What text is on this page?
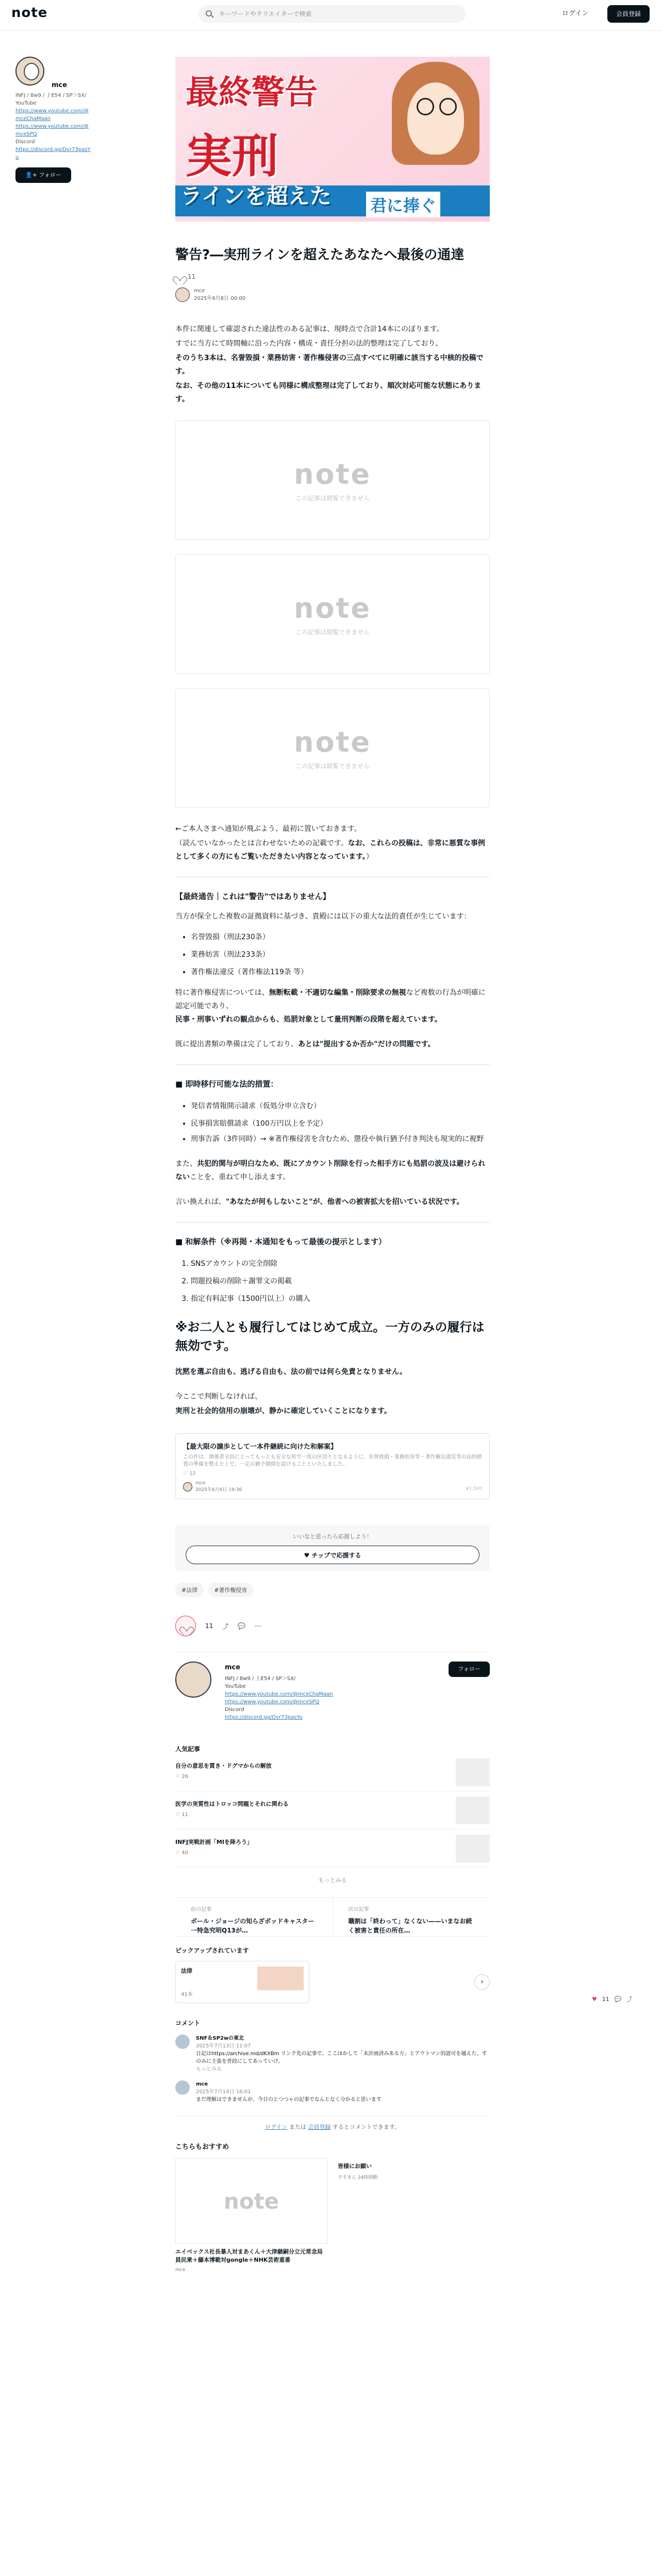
note	キーワードやクリエイターで検索	ログイン	会員登録
mce
INFJ ∕ 8w9 ∕ 上E54 ∕ SP＞SX∕
YouTube
https://www.youtube.com/@mceChaMaan
https://www.youtube.com/@mceSPQ
Discord
https://discord.gg/Dvr73pasYu
👤+ フォロー
最終警告
実刑
ラインを超えた 君に捧ぐ
警告?―実刑ラインを超えたあなたへ最後の通達
11
mce
2025年6月8日 00:00

本件に関連して確認された違法性のある記事は、現時点で合計14本にのぼります。

すでに当方にて時間軸に沿った内容・構成・責任分担の法的整理は完了しており、

そのうち3本は、名誉毀損・業務妨害・著作権侵害の三点すべてに明確に該当する中核的投稿です。

なお、その他の11本についても同様に構成整理は完了しており、順次対応可能な状態にあります。

note
この記事は閲覧できません
note
この記事は閲覧できません
note
この記事は閲覧できません

←ご本人さまへ通知が飛ぶよう、最初に置いておきます。

（読んでいなかったとは言わせないための記載です。なお、これらの投稿は、非常に悪質な事例として多くの方にもご覧いただきたい内容となっています。）

【最終通告｜これは"警告"ではありません】

当方が保全した複数の証拠資料に基づき、貴殿には以下の重大な法的責任が生じています：

• 名誉毀損（刑法230条）
• 業務妨害（刑法233条）
• 著作権法違反（著作権法119条 等）

特に著作権侵害については、無断転載・不適切な編集・削除要求の無視など複数の行為が明確に認定可能であり、
民事・刑事いずれの観点からも、処罰対象として量刑判断の段階を超えています。

既に提出書類の準備は完了しており、あとは"提出するか否か"だけの問題です。

■ 即時移行可能な法的措置：
• 発信者情報開示請求（仮処分申立含む）
• 民事損害賠償請求（100万円以上を予定）
• 刑事告訴（3件同時）→ ※著作権侵害を含むため、懲役や執行猶予付き判決も現実的に視野

また、共犯的関与が明白なため、既にアカウント削除を行った相手方にも処罰の波及は避けられないことを、重ねて申し添えます。

言い換えれば、"あなたが何もしないこと"が、他者への被害拡大を招いている状況です。

■ 和解条件（※再掲・本通知をもって最後の提示とします）
1. SNSアカウントの完全削除
2. 問題投稿の削除＋謝罪文の掲載
3. 指定有料記事（1500円以上）の購入
※お二人とも履行してはじめて成立。一方のみの履行は無効です。

沈黙を選ぶ自由も、逃げる自由も、法の前では何ら免責となりません。

今ここで判断しなければ、

実刑と社会的信用の崩壊が、静かに確定していくことになります。

【最大限の譲歩として一本件継続に向けた和解案】
この件は、関係者全員にとってもっとも安全な形で一度の区切りとなるように、名誉毀損・業務妨害等・著作権法違反等の法的措置の準備を整えた上で、一定の猶予期間を設けることといたしました。
♡ 12
mce
2025年6月6日 19:36	¥1,500
いいなと思ったら応援しよう！
♥ チップで応援する
#法律	#著作権侵害
11 ⤴ 💬 ⋯
mce
INFJ ∕ 8w9 ∕ 上E54 ∕ SP＞SX∕
YouTube
https://www.youtube.com/@mceChaMaan
https://www.youtube.com/@mceSPQ
Discord
https://discord.gg/Dvr73pasYu
フォロー
人気記事
自分の意思を貫き・ドグマからの解放
♡ 26
医学の実質性はトロッコ問題とそれに関わる
♡ 11
INFJ実戦計画「MIを降ろう」
♡ 40
もっとみる
前の記事
ボール・ジョージの知らざポッドキャスター一特急究明Q13が…
次の記事
職割は「終わって」なくない——いまなお続く被害と責任の所在…
ピックアップされています
法律
41本
›
コメント
SNF＆SP2wの東北
2025年7月13日 11:07
日記はhttps://archive.md/dKXBm リンク先の記事で、ここほかして「未計画済みある方」とアウトマン的認可を越えた。すのみに主張を普段にしてあっていけ。
もっとみる
mce
2025年7月14日 16:01
まだ理解はできませんが、今日のとつつゃの記事でなんとなく分かると思います
ログイン または 会員登録 するとコメントできます。
こちらもおすすめ
note
エイベックス社長暴人対まあくん＋大津継嗣分立元常念局員民衆＋藤本博範対gongle＋NHK芸術重番
mce
皆様にお願い
すすきん 24時間勤
♥ 11 💬 ⤴
